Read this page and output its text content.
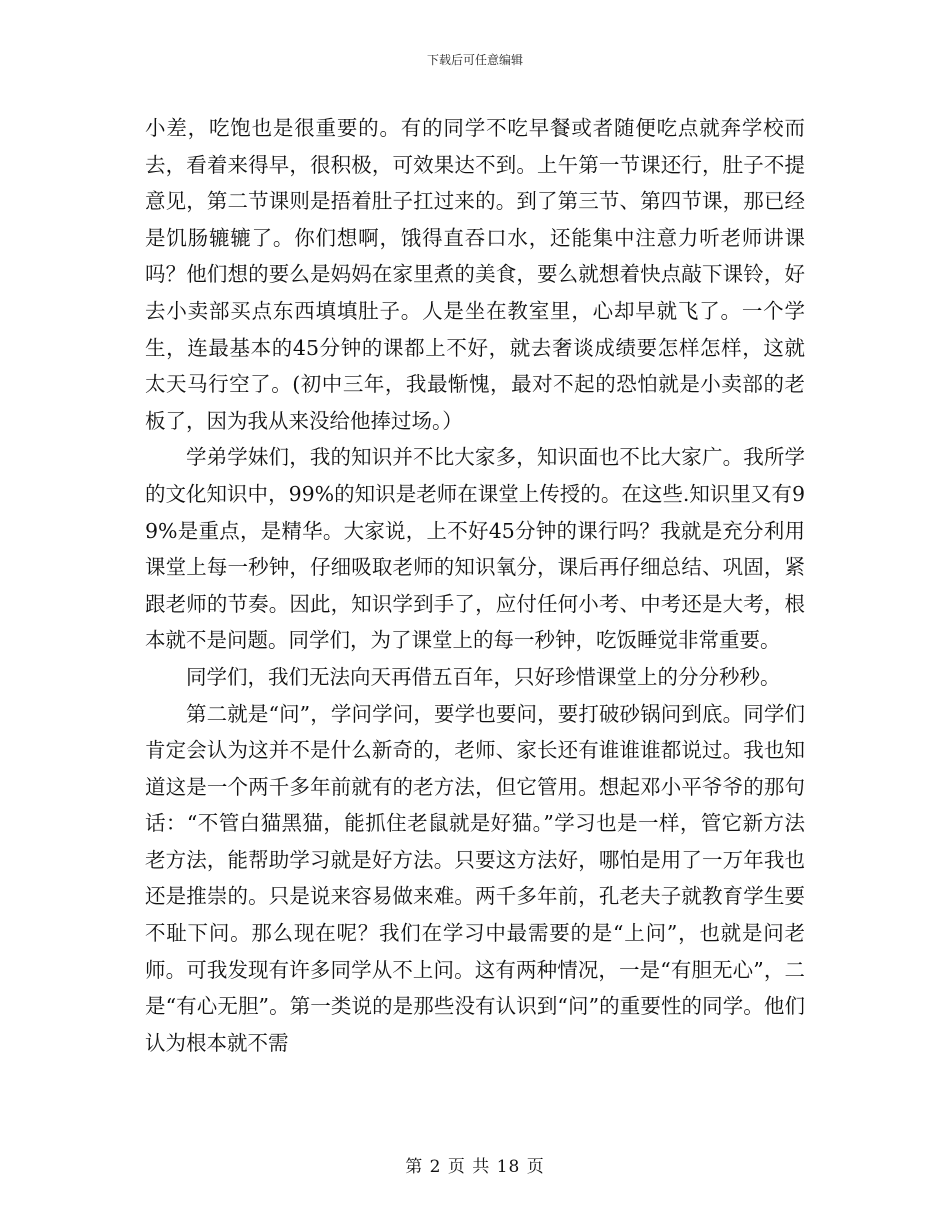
下载后可任意编辑

小差，吃饱也是很重要的。有的同学不吃早餐或者随便吃点就奔学校而去，看着来得早，很积极，可效果达不到。上午第一节课还行，肚子不提意见，第二节课则是捂着肚子扛过来的。到了第三节、第四节课，那已经是饥肠辘辘了。你们想啊，饿得直吞口水，还能集中注意力听老师讲课吗？他们想的要么是妈妈在家里煮的美食，要么就想着快点敲下课铃，好去小卖部买点东西填填肚子。人是坐在教室里，心却早就飞了。一个学生，连最基本的45分钟的课都上不好，就去奢谈成绩要怎样怎样，这就太天马行空了。(初中三年，我最惭愧，最对不起的恐怕就是小卖部的老板了，因为我从来没给他捧过场。）

学弟学妹们，我的知识并不比大家多，知识面也不比大家广。我所学的文化知识中，99%的知识是老师在课堂上传授的。在这些.知识里又有99%是重点，是精华。大家说，上不好45分钟的课行吗？我就是充分利用课堂上每一秒钟，仔细吸取老师的知识氧分，课后再仔细总结、巩固，紧跟老师的节奏。因此，知识学到手了，应付任何小考、中考还是大考，根本就不是问题。同学们，为了课堂上的每一秒钟，吃饭睡觉非常重要。

同学们，我们无法向天再借五百年，只好珍惜课堂上的分分秒秒。

第二就是“问”，学问学问，要学也要问，要打破砂锅问到底。同学们肯定会认为这并不是什么新奇的，老师、家长还有谁谁谁都说过。我也知道这是一个两千多年前就有的老方法，但它管用。想起邓小平爷爷的那句话：“不管白猫黑猫，能抓住老鼠就是好猫。”学习也是一样，管它新方法老方法，能帮助学习就是好方法。只要这方法好，哪怕是用了一万年我也还是推崇的。只是说来容易做来难。两千多年前，孔老夫子就教育学生要不耻下问。那么现在呢？我们在学习中最需要的是“上问”，也就是问老师。可我发现有许多同学从不上问。这有两种情况，一是“有胆无心”，二是“有心无胆”。第一类说的是那些没有认识到“问”的重要性的同学。他们认为根本就不需

第 2 页 共 18 页
